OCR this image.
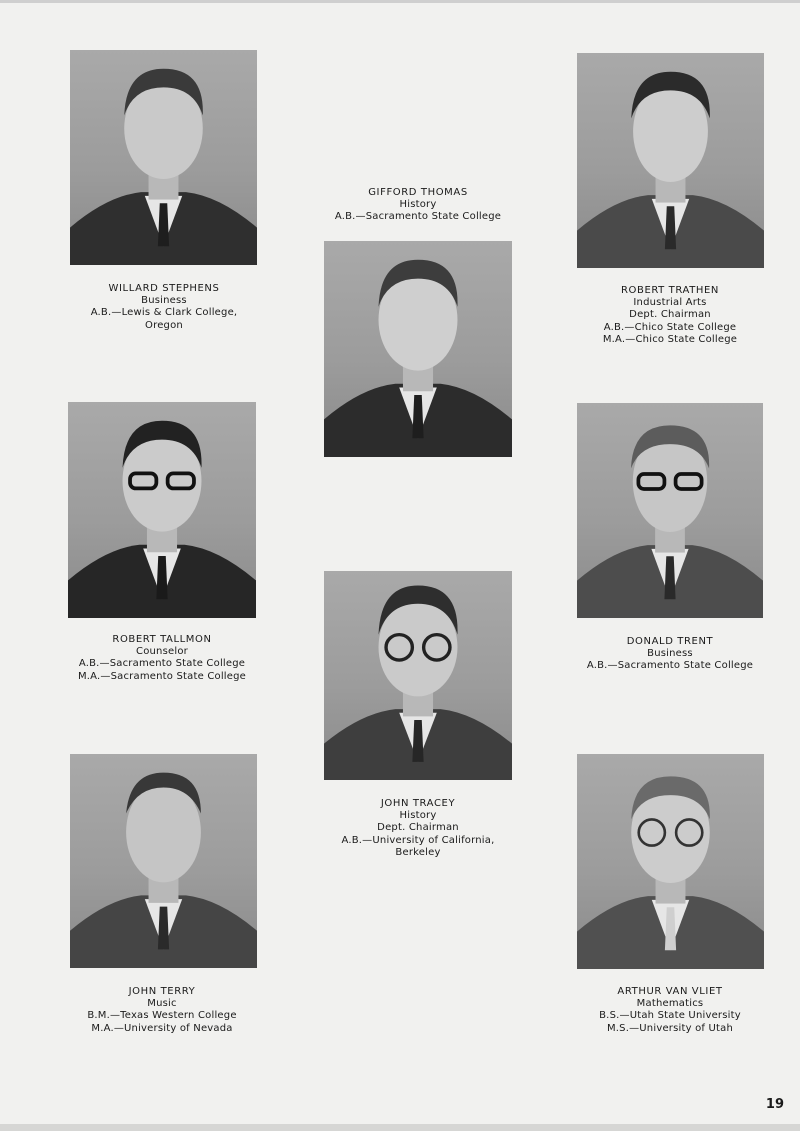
WILLARD STEPHENS
Business
A.B.—Lewis & Clark College,
Oregon
GIFFORD THOMAS
History
A.B.—Sacramento State College
ROBERT TRATHEN
Industrial Arts
Dept. Chairman
A.B.—Chico State College
M.A.—Chico State College
ROBERT TALLMON
Counselor
A.B.—Sacramento State College
M.A.—Sacramento State College
DONALD TRENT
Business
A.B.—Sacramento State College
JOHN TRACEY
History
Dept. Chairman
A.B.—University of California,
Berkeley
JOHN TERRY
Music
B.M.—Texas Western College
M.A.—University of Nevada
ARTHUR VAN VLIET
Mathematics
B.S.—Utah State University
M.S.—University of Utah
19
